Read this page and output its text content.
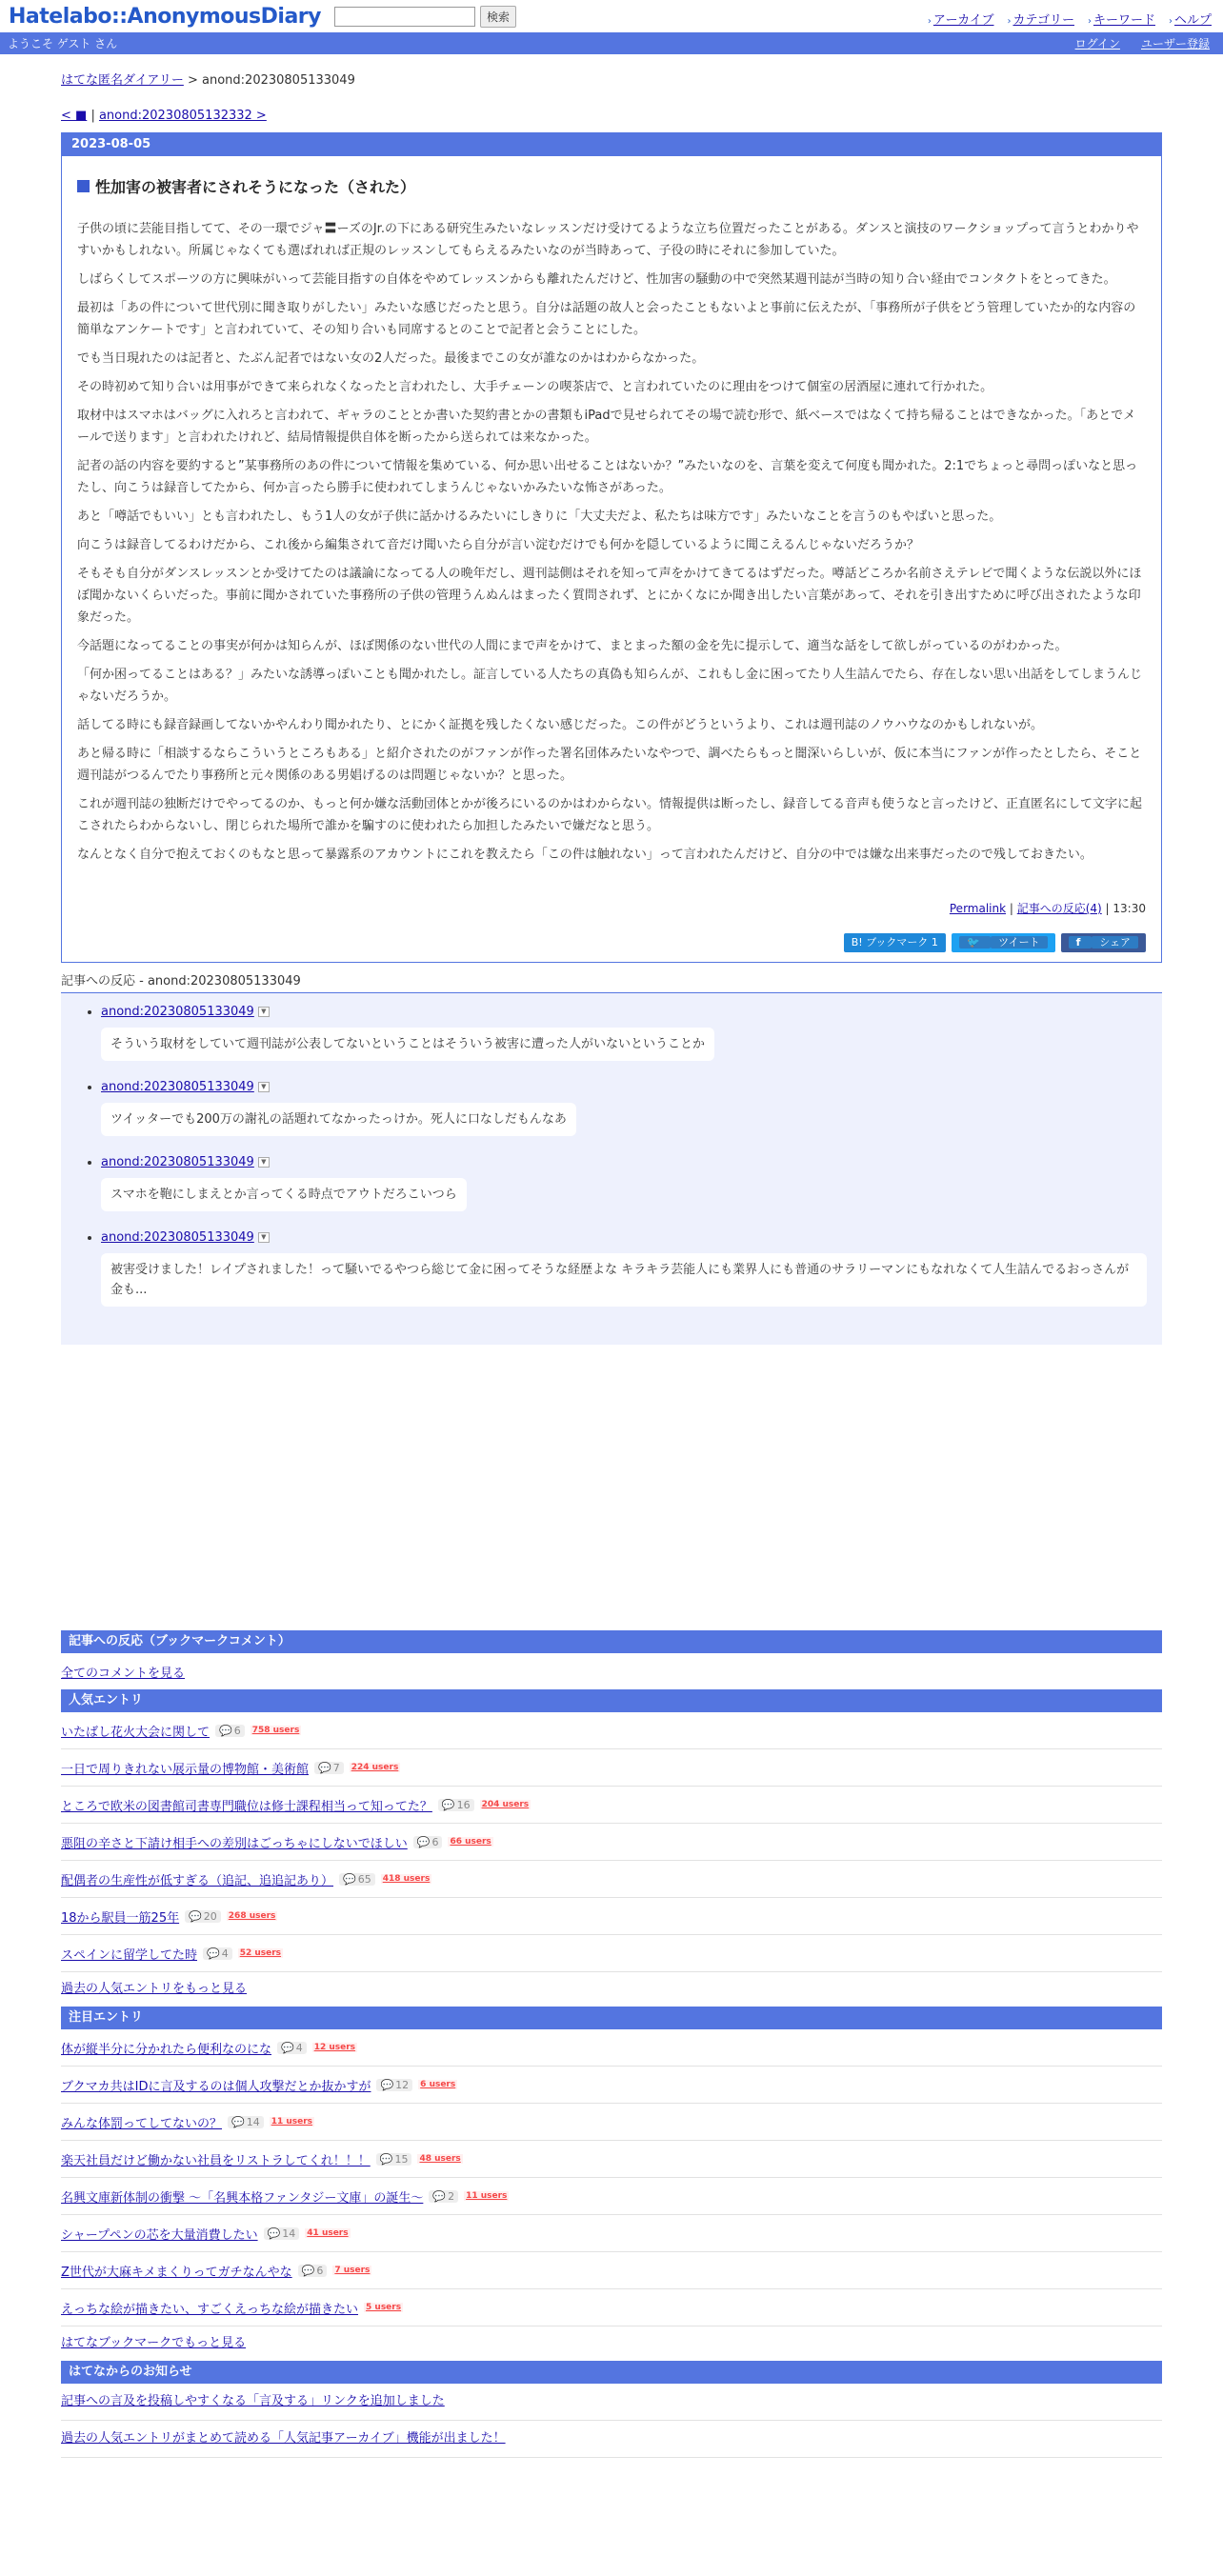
Hatelabo::AnonymousDiary	検索	› アーカイブ › カテゴリー › キーワード › ヘルプ
ようこそ ゲスト さん	ログイン ユーザー登録
はてな匿名ダイアリー > anond:20230805133049
< ■ | anond:20230805132332 >
2023-08-05
性加害の被害者にされそうになった（された）

子供の頃に芸能目指してて、その一環でジャ〓ーズのJr.の下にある研究生みたいなレッスンだけ受けてるような立ち位置だったことがある。ダンスと演技のワークショップって言うとわかりやすいかもしれない。所属じゃなくても選ばれれば正規のレッスンしてもらえるみたいなのが当時あって、子役の時にそれに参加していた。

しばらくしてスポーツの方に興味がいって芸能目指すの自体をやめてレッスンからも離れたんだけど、性加害の騒動の中で突然某週刊誌が当時の知り合い経由でコンタクトをとってきた。

最初は「あの件について世代別に聞き取りがしたい」みたいな感じだったと思う。自分は話題の故人と会ったこともないよと事前に伝えたが、「事務所が子供をどう管理していたか的な内容の簡単なアンケートです」と言われていて、その知り合いも同席するとのことで記者と会うことにした。

でも当日現れたのは記者と、たぶん記者ではない女の2人だった。最後までこの女が誰なのかはわからなかった。

その時初めて知り合いは用事ができて来られなくなったと言われたし、大手チェーンの喫茶店で、と言われていたのに理由をつけて個室の居酒屋に連れて行かれた。

取材中はスマホはバッグに入れろと言われて、ギャラのこととか書いた契約書とかの書類もiPadで見せられてその場で読む形で、紙ベースではなくて持ち帰ることはできなかった。「あとでメールで送ります」と言われたけれど、結局情報提供自体を断ったから送られては来なかった。

記者の話の内容を要約すると”某事務所のあの件について情報を集めている、何か思い出せることはないか？”みたいなのを、言葉を変えて何度も聞かれた。2:1でちょっと尋問っぽいなと思ったし、向こうは録音してたから、何か言ったら勝手に使われてしまうんじゃないかみたいな怖さがあった。

あと「噂話でもいい」とも言われたし、もう1人の女が子供に話かけるみたいにしきりに「大丈夫だよ、私たちは味方です」みたいなことを言うのもやばいと思った。

向こうは録音してるわけだから、これ後から編集されて音だけ聞いたら自分が言い淀むだけでも何かを隠しているように聞こえるんじゃないだろうか？

そもそも自分がダンスレッスンとか受けてたのは議論になってる人の晩年だし、週刊誌側はそれを知って声をかけてきてるはずだった。噂話どころか名前さえテレビで聞くような伝説以外にほぼ聞かないくらいだった。事前に聞かされていた事務所の子供の管理うんぬんはまったく質問されず、とにかくなにか聞き出したい言葉があって、それを引き出すために呼び出されたような印象だった。

今話題になってることの事実が何かは知らんが、ほぼ関係のない世代の人間にまで声をかけて、まとまった額の金を先に提示して、適当な話をして欲しがっているのがわかった。

「何か困ってることはある？」みたいな誘導っぽいことも聞かれたし。証言している人たちの真偽も知らんが、これもし金に困ってたり人生詰んでたら、存在しない思い出話をしてしまうんじゃないだろうか。

話してる時にも録音録画してないかやんわり聞かれたり、とにかく証拠を残したくない感じだった。この件がどうというより、これは週刊誌のノウハウなのかもしれないが。

あと帰る時に「相談するならこういうところもある」と紹介されたのがファンが作った署名団体みたいなやつで、調べたらもっと闇深いらしいが、仮に本当にファンが作ったとしたら、そこと週刊誌がつるんでたり事務所と元々関係のある男娼げるのは問題じゃないか？と思った。

これが週刊誌の独断だけでやってるのか、もっと何か嫌な活動団体とかが後ろにいるのかはわからない。情報提供は断ったし、録音してる音声も使うなと言ったけど、正直匿名にして文字に起こされたらわからないし、閉じられた場所で誰かを騙すのに使われたら加担したみたいで嫌だなと思う。

なんとなく自分で抱えておくのもなと思って暴露系のアカウントにこれを教えたら「この件は触れない」って言われたんだけど、自分の中では嫌な出来事だったので残しておきたい。

Permalink | 記事への反応(4) | 13:30
B! ブックマーク 1	🐦 ツイート	f シェア
記事への反応 - anond:20230805133049
• anond:20230805133049 ▼
そういう取材をしていて週刊誌が公表してないということはそういう被害に遭った人がいないということか
• anond:20230805133049 ▼
ツイッターでも200万の謝礼の話題れてなかったっけか。死人に口なしだもんなあ
• anond:20230805133049 ▼
スマホを鞄にしまえとか言ってくる時点でアウトだろこいつら
• anond:20230805133049 ▼
被害受けました！レイプされました！って騒いでるやつら総じて金に困ってそうな経歴よな キラキラ芸能人にも業界人にも普通のサラリーマンにもなれなくて人生詰んでるおっさんが金も...
記事への反応（ブックマークコメント）
全てのコメントを見る
人気エントリ
いたばし花火大会に関して 💬 6 758 users
一日で周りきれない展示量の博物館・美術館 💬 7 224 users
ところで欧米の図書館司書専門職位は修士課程相当って知ってた？ 💬 16 204 users
悪阻の辛さと下請け相手への差別はごっちゃにしないでほしい 💬 6 66 users
配偶者の生産性が低すぎる（追記、追追記あり） 💬 65 418 users
18から駅員一筋25年 💬 20 268 users
スペインに留学してた時 💬 4 52 users
過去の人気エントリをもっと見る
注目エントリ
体が縦半分に分かれたら便利なのにな 💬 4 12 users
ブクマカ共はIDに言及するのは個人攻撃だとか抜かすが 💬 12 6 users
みんな体罰ってしてないの？ 💬 14 11 users
楽天社員だけど働かない社員をリストラしてくれ！！！ 💬 15 48 users
名興文庫新体制の衝撃 〜「名興本格ファンタジー文庫」の誕生〜 💬 2 11 users
シャープペンの芯を大量消費したい 💬 14 41 users
Z世代が大麻キメまくりってガチなんやな 💬 6 7 users
えっちな絵が描きたい、すごくえっちな絵が描きたい 5 users
はてなブックマークでもっと見る
はてなからのお知らせ
記事への言及を投稿しやすくなる「言及する」リンクを追加しました
過去の人気エントリがまとめて読める「人気記事アーカイブ」機能が出ました！
